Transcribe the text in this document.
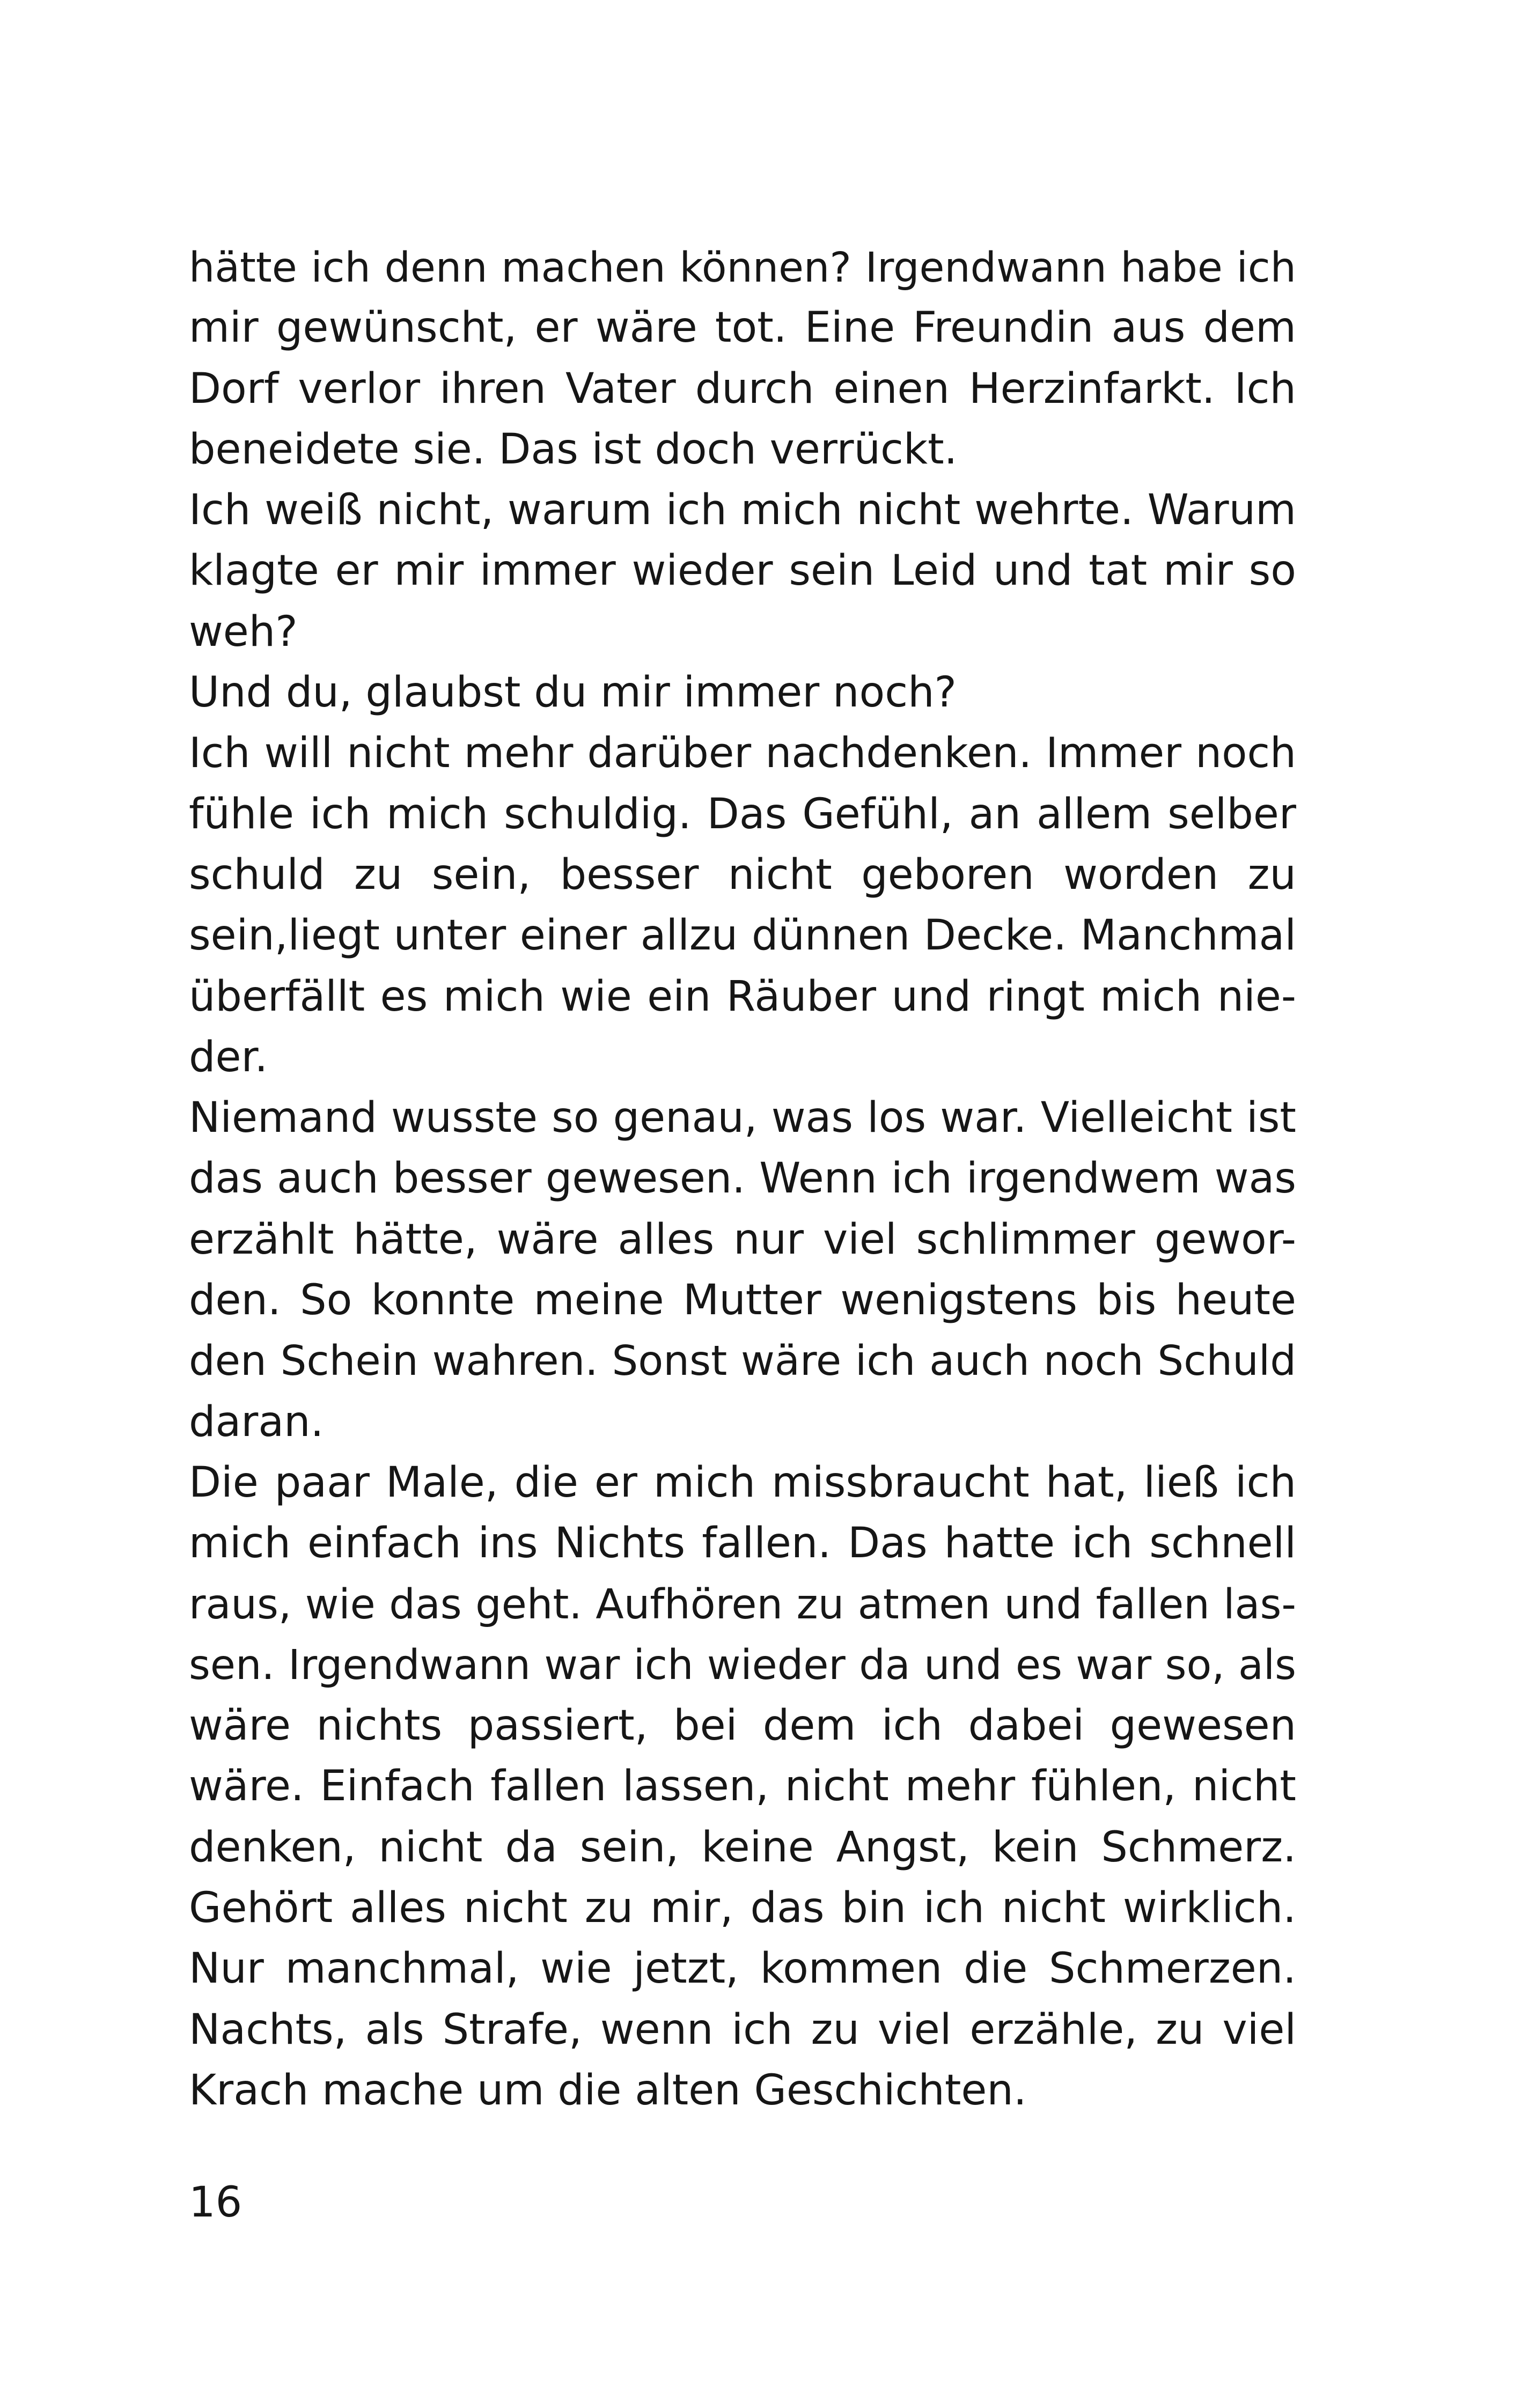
hätte ich denn machen können? Irgendwann habe ich
mir gewünscht, er wäre tot. Eine Freundin aus dem
Dorf verlor ihren Vater durch einen Herzinfarkt. Ich
beneidete sie. Das ist doch verrückt.
Ich weiß nicht, warum ich mich nicht wehrte. Warum
klagte er mir immer wieder sein Leid und tat mir so
weh?
Und du, glaubst du mir immer noch?
Ich will nicht mehr darüber nachdenken. Immer noch
fühle ich mich schuldig. Das Gefühl, an allem selber
schuld zu sein, besser nicht geboren worden zu
sein,liegt unter einer allzu dünnen Decke. Manchmal
überfällt es mich wie ein Räuber und ringt mich nie-
der.
Niemand wusste so genau, was los war. Vielleicht ist
das auch besser gewesen. Wenn ich irgendwem was
erzählt hätte, wäre alles nur viel schlimmer gewor-
den. So konnte meine Mutter wenigstens bis heute
den Schein wahren. Sonst wäre ich auch noch Schuld
daran.
Die paar Male, die er mich missbraucht hat, ließ ich
mich einfach ins Nichts fallen. Das hatte ich schnell
raus, wie das geht. Aufhören zu atmen und fallen las-
sen. Irgendwann war ich wieder da und es war so, als
wäre nichts passiert, bei dem ich dabei gewesen
wäre. Einfach fallen lassen, nicht mehr fühlen, nicht
denken, nicht da sein, keine Angst, kein Schmerz.
Gehört alles nicht zu mir, das bin ich nicht wirklich.
Nur manchmal, wie jetzt, kommen die Schmerzen.
Nachts, als Strafe, wenn ich zu viel erzähle, zu viel
Krach mache um die alten Geschichten.
16
